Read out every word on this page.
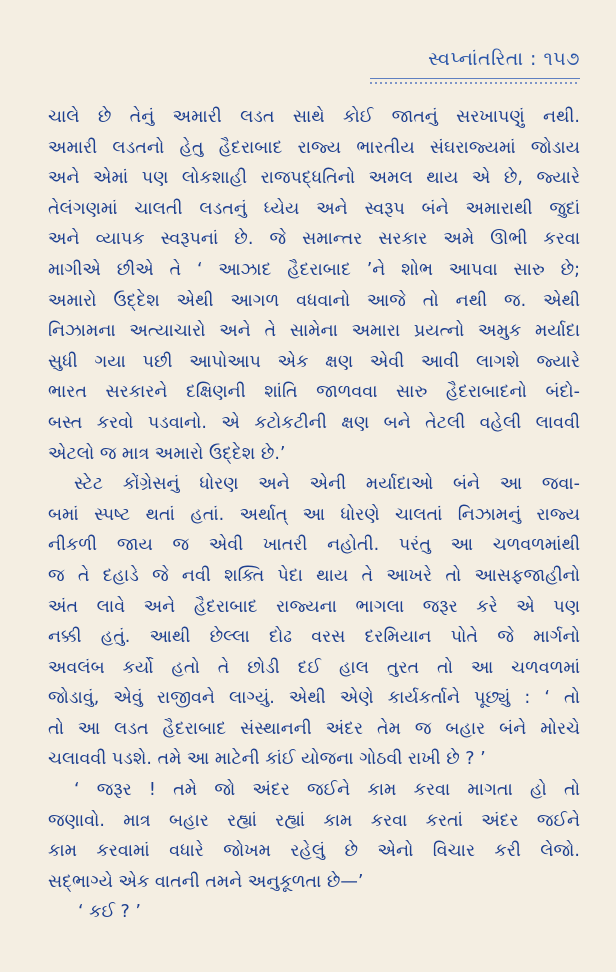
સ્વપ્નાંતરિતા : ૧૫૭
ચાલે છે તેનું અમારી લડત સાથે કોઈ જાતનું સરખાપણું નથી.
અમારી લડતનો હેતુ હૈદરાબાદ રાજ્ય ભારતીય સંઘરાજ્યમાં જોડાય
અને એમાં પણ લોકશાહી રાજપદ્ધતિનો અમલ થાય એ છે, જ્યારે
તેલંગણમાં ચાલતી લડતનું ધ્યેય અને સ્વરૂપ બંને અમારાથી જુદાં
અને વ્યાપક સ્વરૂપનાં છે. જે સમાન્તર સરકાર અમે ઊભી કરવા
માગીએ છીએ તે ‘ આઝાદ હૈદરાબાદ ’ને શોભ આપવા સારુ છે;
અમારો ઉદ્દેશ એથી આગળ વધવાનો આજે તો નથી જ. એથી
નિઝામના અત્યાચારો અને તે સામેના અમારા પ્રયત્નો અમુક મર્યાદા
સુધી ગયા પછી આપોઆપ એક ક્ષણ એવી આવી લાગશે જ્યારે
ભારત સરકારને દક્ષિણની શાંતિ જાળવવા સારુ હૈદરાબાદનો બંદો-
બસ્ત કરવો પડવાનો. એ કટોકટીની ક્ષણ બને તેટલી વહેલી લાવવી
એટલો જ માત્ર અમારો ઉદ્દેશ છે.’
સ્ટેટ કોંગ્રેસનું ધોરણ અને એની મર્યાદાઓ બંને આ જવા-
બમાં સ્પષ્ટ થતાં હતાં. અર્થાત્ આ ધોરણે ચાલતાં નિઝામનું રાજ્ય
નીકળી જાય જ એવી ખાતરી નહોતી. પરંતુ આ ચળવળમાંથી
જ તે દહાડે જે નવી શક્તિ પેદા થાય તે આખરે તો આસફજાહીનો
અંત લાવે અને હૈદરાબાદ રાજ્યના ભાગલા જરૂર કરે એ પણ
નક્કી હતું. આથી છેલ્લા દોઢ વરસ દરમિયાન પોતે જે માર્ગનો
અવલંબ કર્યો હતો તે છોડી દઈ હાલ તુરત તો આ ચળવળમાં
જોડાવું, એવું રાજીવને લાગ્યું. એથી એણે કાર્યકર્તાને પૂછ્યું : ‘ તો
તો આ લડત હૈદરાબાદ સંસ્થાનની અંદર તેમ જ બહાર બંને મોરચે
ચલાવવી પડશે. તમે આ માટેની કાંઈ યોજના ગોઠવી રાખી છે ? ’
‘ જરૂર ! તમે જો અંદર જઈને કામ કરવા માગતા હો તો
જણાવો. માત્ર બહાર રહ્યાં રહ્યાં કામ કરવા કરતાં અંદર જઈને
કામ કરવામાં વધારે જોખમ રહેલું છે એનો વિચાર કરી લેજો.
સદ્ભાગ્યે એક વાતની તમને અનુકૂળતા છે—’
‘ કઈ ? ’
